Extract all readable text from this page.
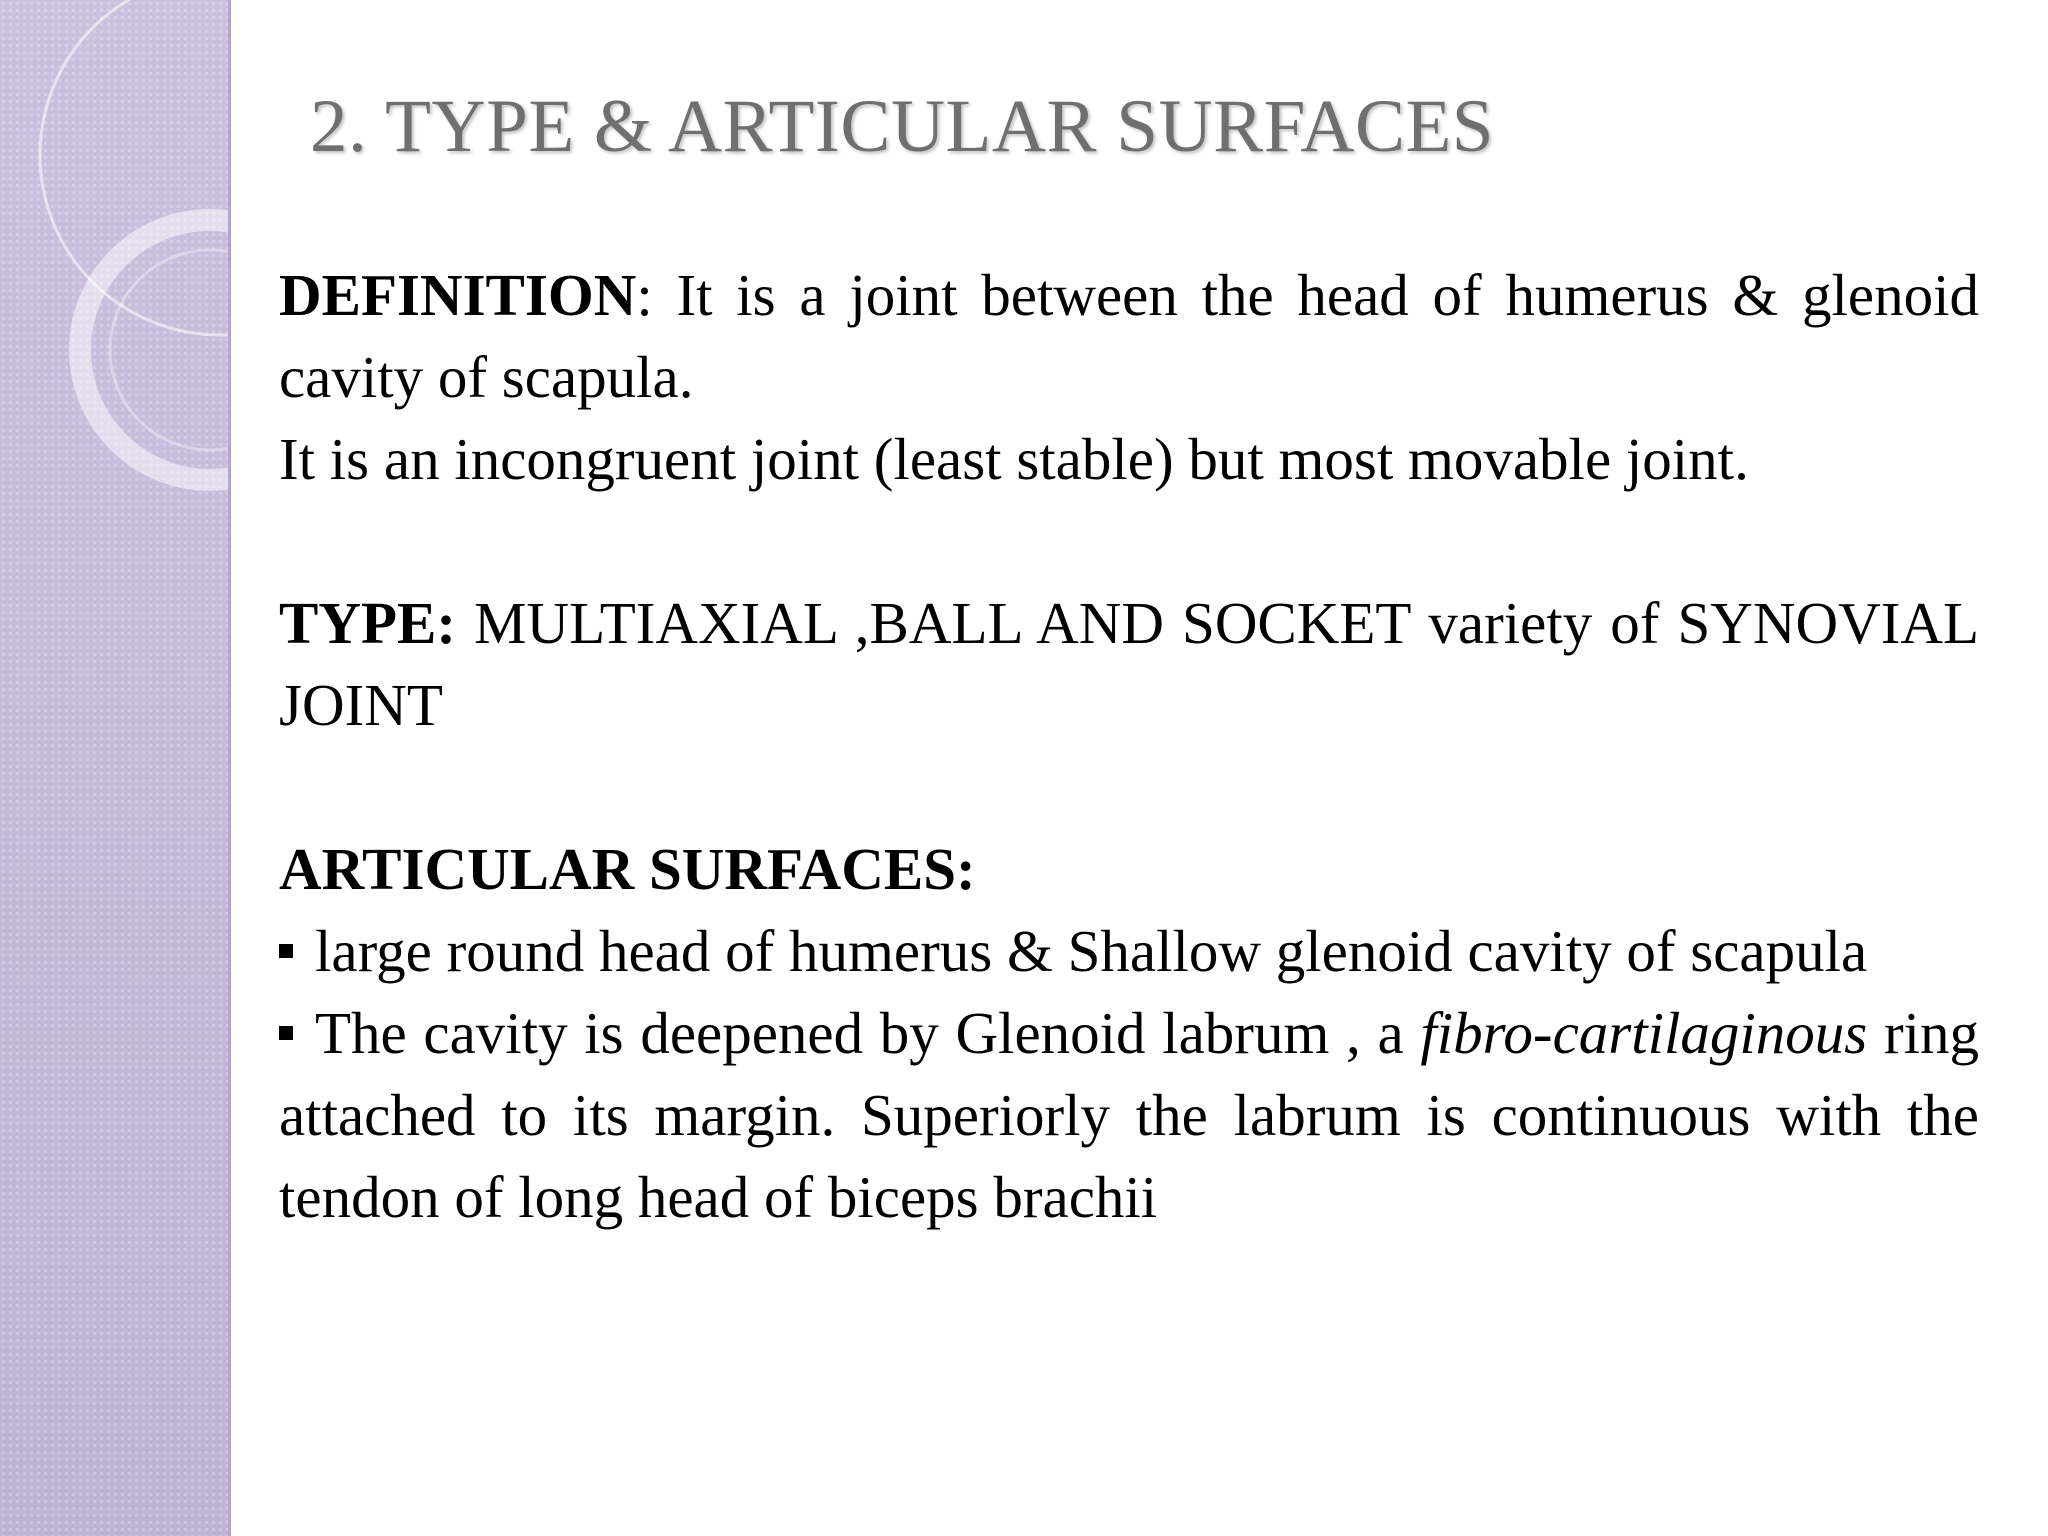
2. TYPE & ARTICULAR SURFACES

DEFINITION: It is a joint between the head of humerus & glenoid cavity of scapula.

It is an incongruent joint (least stable) but most movable joint.

TYPE: MULTIAXIAL ,BALL AND SOCKET variety of SYNOVIAL JOINT

ARTICULAR SURFACES:

large round head of humerus & Shallow glenoid cavity of scapula

The cavity is deepened by Glenoid labrum , a fibro-cartilaginous ring attached to its margin. Superiorly the labrum is continuous with the tendon of long head of biceps brachii
